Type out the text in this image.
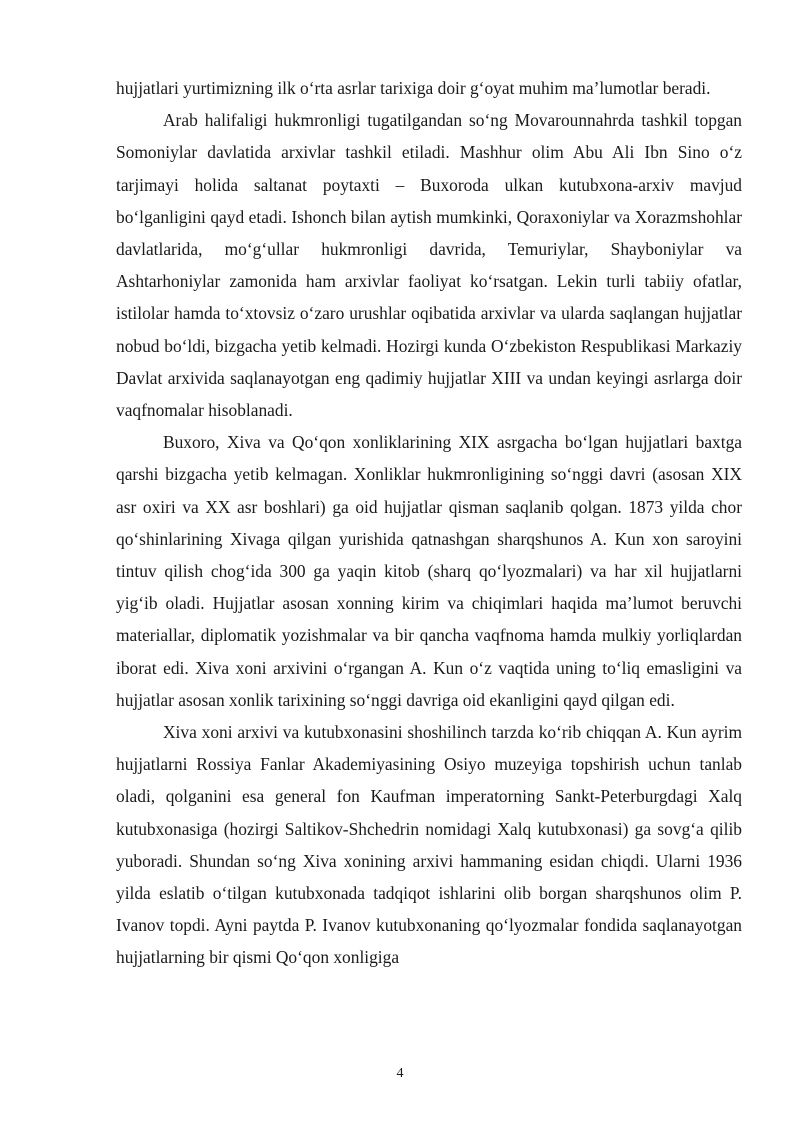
hujjatlari yurtimizning ilk o‘rta asrlar tarixiga doir g‘oyat muhim ma’lumotlar beradi.

Arab halifaligi hukmronligi tugatilgandan so‘ng Movarounnahrda tashkil topgan Somoniylar davlatida arxivlar tashkil etiladi. Mashhur olim Abu Ali Ibn Sino o‘z tarjimayi holida saltanat poytaxti – Buxoroda ulkan kutubxona-arxiv mavjud bo‘lganligini qayd etadi. Ishonch bilan aytish mumkinki, Qoraxoniylar va Xorazmshohlar davlatlarida, mo‘g‘ullar hukmronligi davrida, Temuriylar, Shayboniylar va Ashtarhoniylar zamonida ham arxivlar faoliyat ko‘rsatgan. Lekin turli tabiiy ofatlar, istilolar hamda to‘xtovsiz o‘zaro urushlar oqibatida arxivlar va ularda saqlangan hujjatlar nobud bo‘ldi, bizgacha yetib kelmadi. Hozirgi kunda O‘zbekiston Respublikasi Markaziy Davlat arxivida saqlanayotgan eng qadimiy hujjatlar XIII va undan keyingi asrlarga doir vaqfnomalar hisoblanadi.

Buxoro, Xiva va Qo‘qon xonliklarining XIX asrgacha bo‘lgan hujjatlari baxtga qarshi bizgacha yetib kelmagan. Xonliklar hukmronligining so‘nggi davri (asosan XIX asr oxiri va XX asr boshlari) ga oid hujjatlar qisman saqlanib qolgan. 1873 yilda chor qo‘shinlarining Xivaga qilgan yurishida qatnashgan sharqshunos A. Kun xon saroyini tintuv qilish chog‘ida 300 ga yaqin kitob (sharq qo‘lyozmalari) va har xil hujjatlarni yig‘ib oladi. Hujjatlar asosan xonning kirim va chiqimlari haqida ma’lumot beruvchi materiallar, diplomatik yozishmalar va bir qancha vaqfnoma hamda mulkiy yorliqlardan iborat edi. Xiva xoni arxivini o‘rgangan A. Kun o‘z vaqtida uning to‘liq emasligini va hujjatlar asosan xonlik tarixining so‘nggi davriga oid ekanligini qayd qilgan edi.

Xiva xoni arxivi va kutubxonasini shoshilinch tarzda ko‘rib chiqqan A. Kun ayrim hujjatlarni Rossiya Fanlar Akademiyasining Osiyo muzeyiga topshirish uchun tanlab oladi, qolganini esa general fon Kaufman imperatorning Sankt-Peterburgdagi Xalq kutubxonasiga (hozirgi Saltikov-Shchedrin nomidagi Xalq kutubxonasi) ga sovg‘a qilib yuboradi. Shundan so‘ng Xiva xonining arxivi hammaning esidan chiqdi. Ularni 1936 yilda eslatib o‘tilgan kutubxonada tadqiqot ishlarini olib borgan sharqshunos olim P. Ivanov topdi. Ayni paytda P. Ivanov kutubxonaning qo‘lyozmalar fondida saqlanayotgan hujjatlarning bir qismi Qo‘qon xonligiga

4
